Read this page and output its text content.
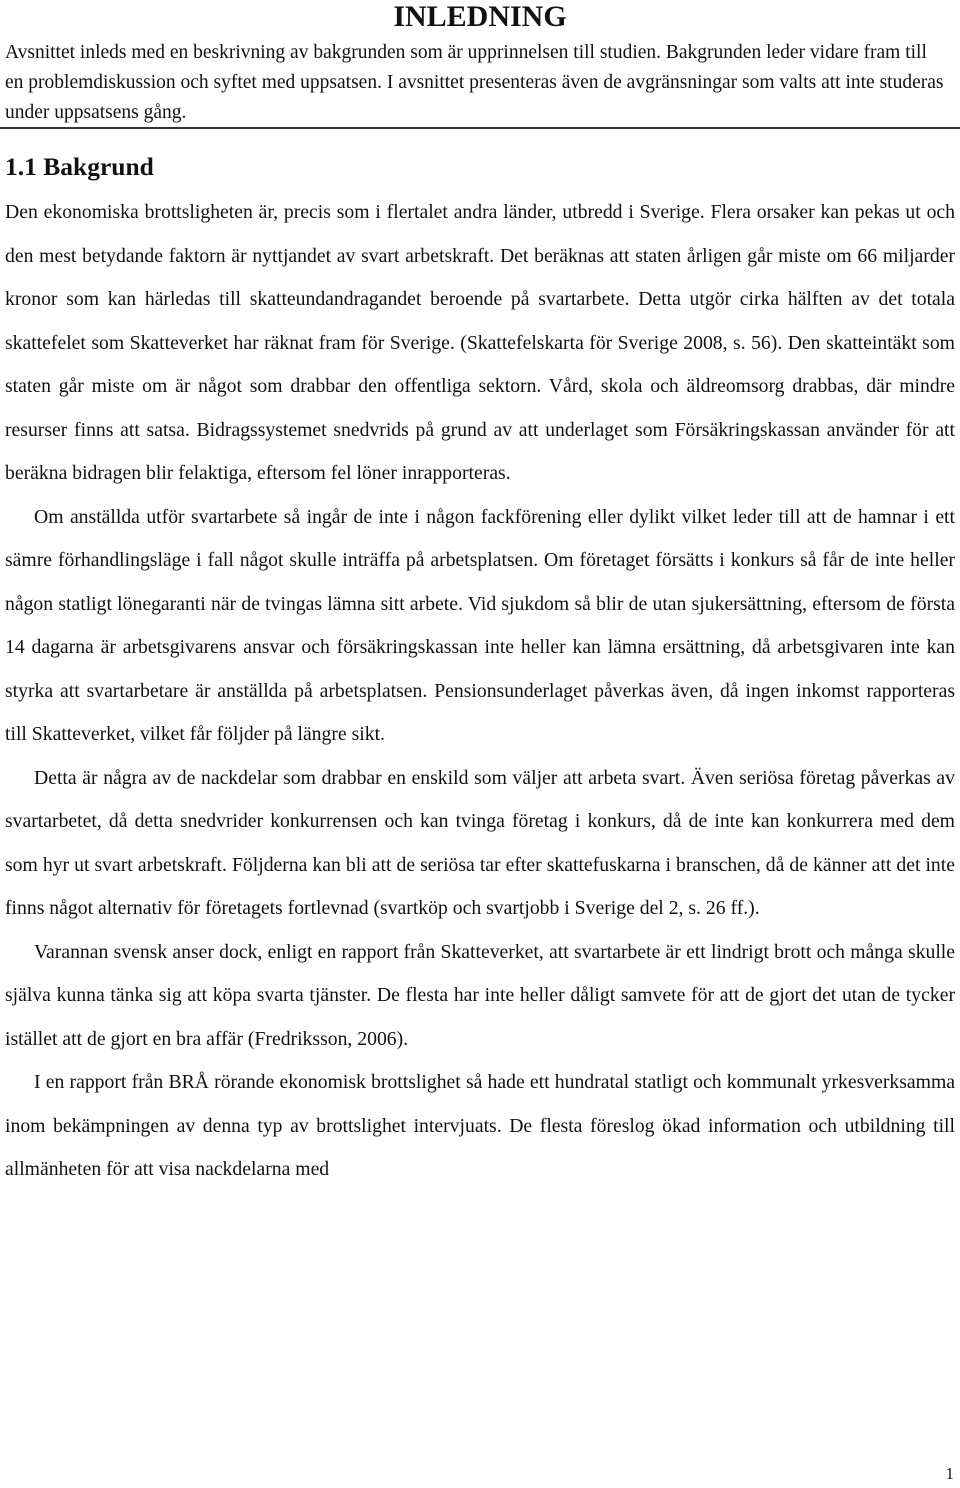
INLEDNING

Avsnittet inleds med en beskrivning av bakgrunden som är upprinnelsen till studien. Bakgrunden leder vidare fram till en problemdiskussion och syftet med uppsatsen. I avsnittet presenteras även de avgränsningar som valts att inte studeras under uppsatsens gång.

1.1 Bakgrund

Den ekonomiska brottsligheten är, precis som i flertalet andra länder, utbredd i Sverige. Flera orsaker kan pekas ut och den mest betydande faktorn är nyttjandet av svart arbetskraft. Det beräknas att staten årligen går miste om 66 miljarder kronor som kan härledas till skatteundandragandet beroende på svartarbete. Detta utgör cirka hälften av det totala skattefelet som Skatteverket har räknat fram för Sverige. (Skattefelskarta för Sverige 2008, s. 56). Den skatteintäkt som staten går miste om är något som drabbar den offentliga sektorn. Vård, skola och äldreomsorg drabbas, där mindre resurser finns att satsa. Bidragssystemet snedvrids på grund av att underlaget som Försäkringskassan använder för att beräkna bidragen blir felaktiga, eftersom fel löner inrapporteras.

Om anställda utför svartarbete så ingår de inte i någon fackförening eller dylikt vilket leder till att de hamnar i ett sämre förhandlingsläge i fall något skulle inträffa på arbetsplatsen. Om företaget försätts i konkurs så får de inte heller någon statligt lönegaranti när de tvingas lämna sitt arbete. Vid sjukdom så blir de utan sjukersättning, eftersom de första 14 dagarna är arbetsgivarens ansvar och försäkringskassan inte heller kan lämna ersättning, då arbetsgivaren inte kan styrka att svartarbetare är anställda på arbetsplatsen. Pensionsunderlaget påverkas även, då ingen inkomst rapporteras till Skatteverket, vilket får följder på längre sikt.

Detta är några av de nackdelar som drabbar en enskild som väljer att arbeta svart. Även seriösa företag påverkas av svartarbetet, då detta snedvrider konkurrensen och kan tvinga företag i konkurs, då de inte kan konkurrera med dem som hyr ut svart arbetskraft. Följderna kan bli att de seriösa tar efter skattefuskarna i branschen, då de känner att det inte finns något alternativ för företagets fortlevnad (svartköp och svartjobb i Sverige del 2, s. 26 ff.).

Varannan svensk anser dock, enligt en rapport från Skatteverket, att svartarbete är ett lindrigt brott och många skulle själva kunna tänka sig att köpa svarta tjänster. De flesta har inte heller dåligt samvete för att de gjort det utan de tycker istället att de gjort en bra affär (Fredriksson, 2006).

I en rapport från BRÅ rörande ekonomisk brottslighet så hade ett hundratal statligt och kommunalt yrkesverksamma inom bekämpningen av denna typ av brottslighet intervjuats. De flesta föreslog ökad information och utbildning till allmänheten för att visa nackdelarna med

1
